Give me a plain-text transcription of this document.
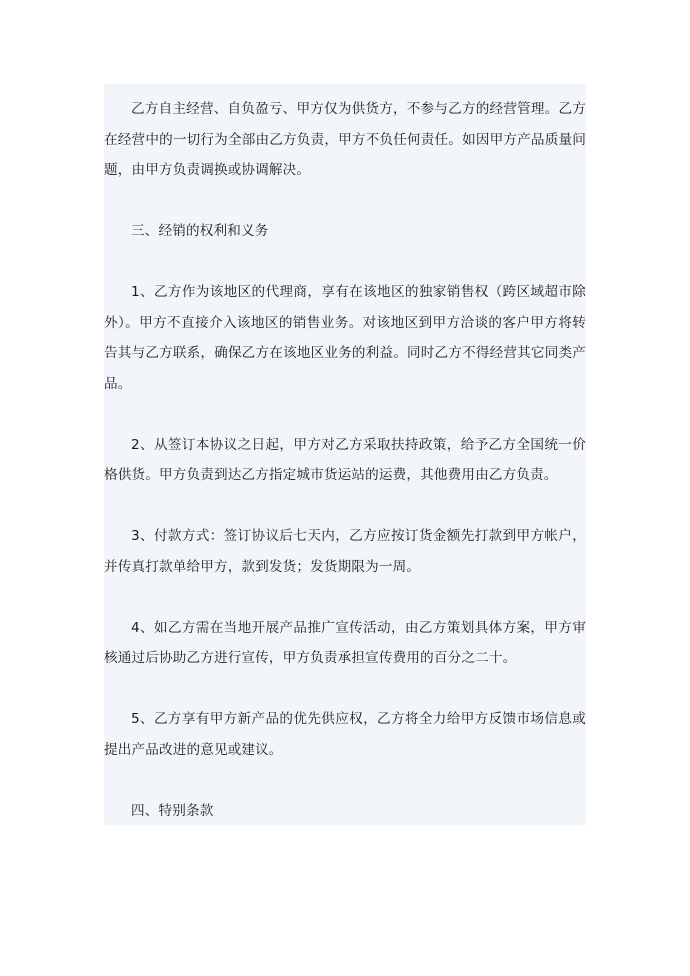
乙方自主经营、自负盈亏、甲方仅为供货方，不参与乙方的经营管理。乙方在经营中的一切行为全部由乙方负责，甲方不负任何责任。如因甲方产品质量问题，由甲方负责调换或协调解决。

三、经销的权利和义务

1、乙方作为该地区的代理商，享有在该地区的独家销售权（跨区域超市除外）。甲方不直接介入该地区的销售业务。对该地区到甲方洽谈的客户甲方将转告其与乙方联系，确保乙方在该地区业务的利益。同时乙方不得经营其它同类产品。

2、从签订本协议之日起，甲方对乙方采取扶持政策，给予乙方全国统一价格供货。甲方负责到达乙方指定城市货运站的运费，其他费用由乙方负责。

3、付款方式：签订协议后七天内，乙方应按订货金额先打款到甲方帐户，并传真打款单给甲方，款到发货；发货期限为一周。

4、如乙方需在当地开展产品推广宣传活动，由乙方策划具体方案，甲方审核通过后协助乙方进行宣传，甲方负责承担宣传费用的百分之二十。

5、乙方享有甲方新产品的优先供应权，乙方将全力给甲方反馈市场信息或提出产品改进的意见或建议。

四、特别条款
